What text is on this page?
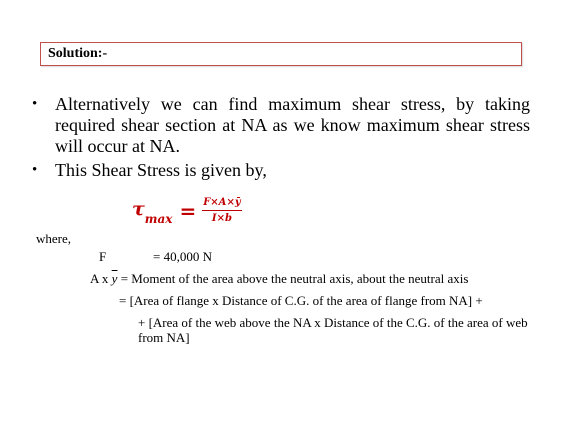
Solution:-
• Alternatively we can find maximum shear stress, by taking required shear section at NA as we know maximum shear stress will occur at NA.
• This Shear Stress is given by,
$\tau_{max} = \frac{F\times A\times ȳ}{I\times b}$
where,
F	= 40,000 N
A x $\overline{y}$ = Moment of the area above the neutral axis, about the neutral axis
= [Area of flange x Distance of C.G. of the area of flange from NA] +
+ [Area of the web above the NA x Distance of the C.G. of the area of web from NA]
